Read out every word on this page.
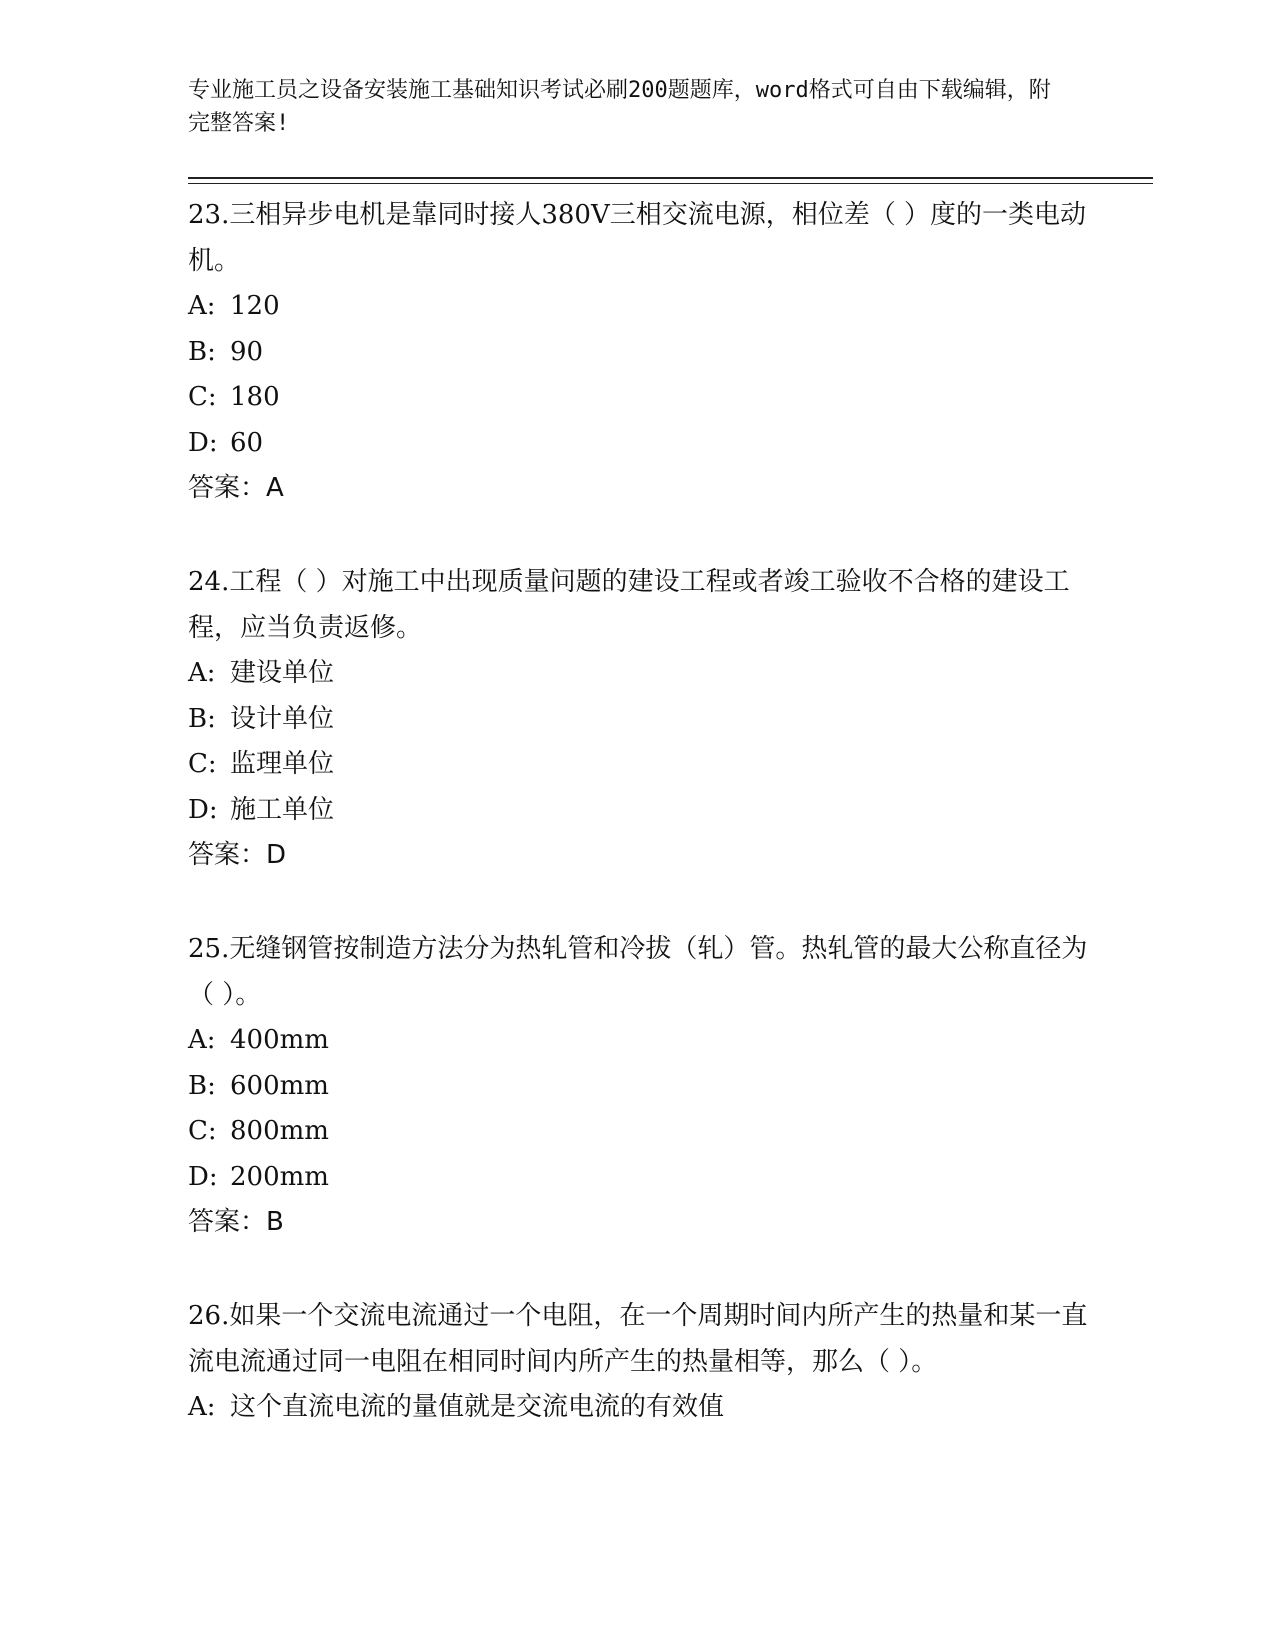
专业施工员之设备安装施工基础知识考试必刷200题题库，word格式可自由下载编辑，附完整答案!
23.三相异步电机是靠同时接人380V三相交流电源，相位差（ ）度的一类电动机。
A: 120
B: 90
C: 180
D: 60
答案：A
24.工程（ ）对施工中出现质量问题的建设工程或者竣工验收不合格的建设工程，应当负责返修。
A: 建设单位
B: 设计单位
C: 监理单位
D: 施工单位
答案：D
25.无缝钢管按制造方法分为热轧管和冷拔（轧）管。热轧管的最大公称直径为（ ）。
A: 400mm
B: 600mm
C: 800mm
D: 200mm
答案：B
26.如果一个交流电流通过一个电阻，在一个周期时间内所产生的热量和某一直流电流通过同一电阻在相同时间内所产生的热量相等，那么（ ）。
A: 这个直流电流的量值就是交流电流的有效值
